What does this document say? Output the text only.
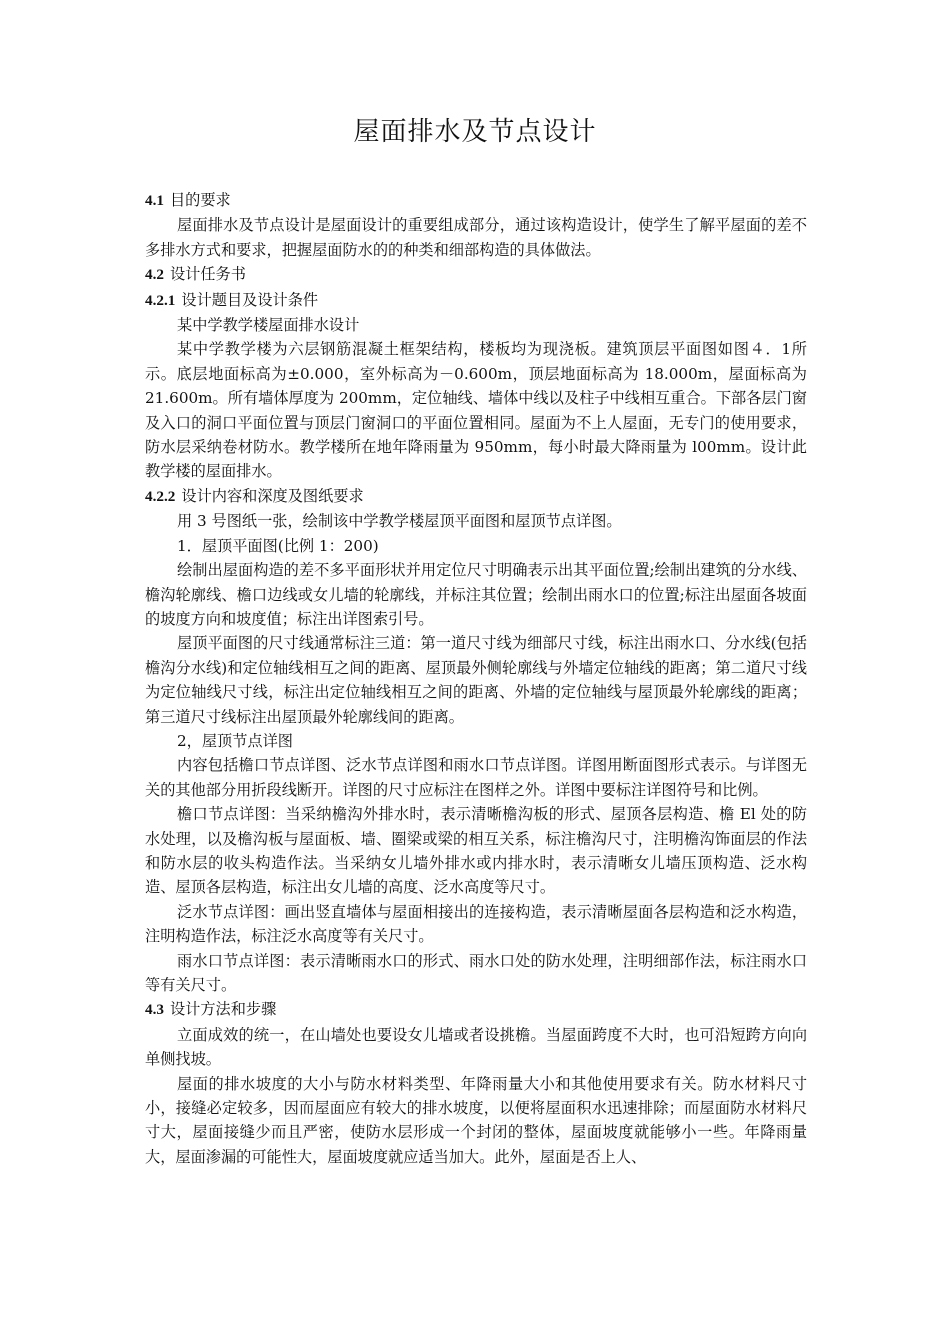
屋面排水及节点设计

4.1 目的要求

屋面排水及节点设计是屋面设计的重要组成部分，通过该构造设计，使学生了解平屋面的差不多排水方式和要求，把握屋面防水的的种类和细部构造的具体做法。

4.2 设计任务书

4.2.1 设计题目及设计条件

某中学教学楼屋面排水设计

某中学教学楼为六层钢筋混凝土框架结构，楼板均为现浇板。建筑顶层平面图如图４．1所示。底层地面标高为±0.000，室外标高为－0.600m，顶层地面标高为 18.000m，屋面标高为 21.600m。所有墙体厚度为 200mm，定位轴线、墙体中线以及柱子中线相互重合。下部各层门窗及入口的洞口平面位置与顶层门窗洞口的平面位置相同。屋面为不上人屋面，无专门的使用要求，防水层采纳卷材防水。教学楼所在地年降雨量为 950mm，每小时最大降雨量为 l00mm。设计此教学楼的屋面排水。

4.2.2 设计内容和深度及图纸要求

用 3 号图纸一张，绘制该中学教学楼屋顶平面图和屋顶节点详图。

1．屋顶平面图(比例 1：200)

绘制出屋面构造的差不多平面形状并用定位尺寸明确表示出其平面位置;绘制出建筑的分水线、檐沟轮廓线、檐口边线或女儿墙的轮廓线，并标注其位置；绘制出雨水口的位置;标注出屋面各坡面的坡度方向和坡度值；标注出详图索引号。

屋顶平面图的尺寸线通常标注三道：第一道尺寸线为细部尺寸线，标注出雨水口、分水线(包括檐沟分水线)和定位轴线相互之间的距离、屋顶最外侧轮廓线与外墙定位轴线的距离；第二道尺寸线为定位轴线尺寸线，标注出定位轴线相互之间的距离、外墙的定位轴线与屋顶最外轮廓线的距离；第三道尺寸线标注出屋顶最外轮廓线间的距离。

2，屋顶节点详图

内容包括檐口节点详图、泛水节点详图和雨水口节点详图。详图用断面图形式表示。与详图无关的其他部分用折段线断开。详图的尺寸应标注在图样之外。详图中要标注详图符号和比例。

檐口节点详图：当采纳檐沟外排水时，表示清晰檐沟板的形式、屋顶各层构造、檐 El 处的防水处理，以及檐沟板与屋面板、墙、圈梁或梁的相互关系，标注檐沟尺寸，注明檐沟饰面层的作法和防水层的收头构造作法。当采纳女儿墙外排水或内排水时，表示清晰女儿墙压顶构造、泛水构造、屋顶各层构造，标注出女儿墙的高度、泛水高度等尺寸。

泛水节点详图：画出竖直墙体与屋面相接出的连接构造，表示清晰屋面各层构造和泛水构造，注明构造作法，标注泛水高度等有关尺寸。

雨水口节点详图：表示清晰雨水口的形式、雨水口处的防水处理，注明细部作法，标注雨水口等有关尺寸。

4.3 设计方法和步骤

立面成效的统一，在山墙处也要设女儿墙或者设挑檐。当屋面跨度不大时，也可沿短跨方向向单侧找坡。

屋面的排水坡度的大小与防水材料类型、年降雨量大小和其他使用要求有关。防水材料尺寸小，接缝必定较多，因而屋面应有较大的排水坡度，以便将屋面积水迅速排除；而屋面防水材料尺寸大，屋面接缝少而且严密，使防水层形成一个封闭的整体，屋面坡度就能够小一些。年降雨量大，屋面渗漏的可能性大，屋面坡度就应适当加大。此外，屋面是否上人、
